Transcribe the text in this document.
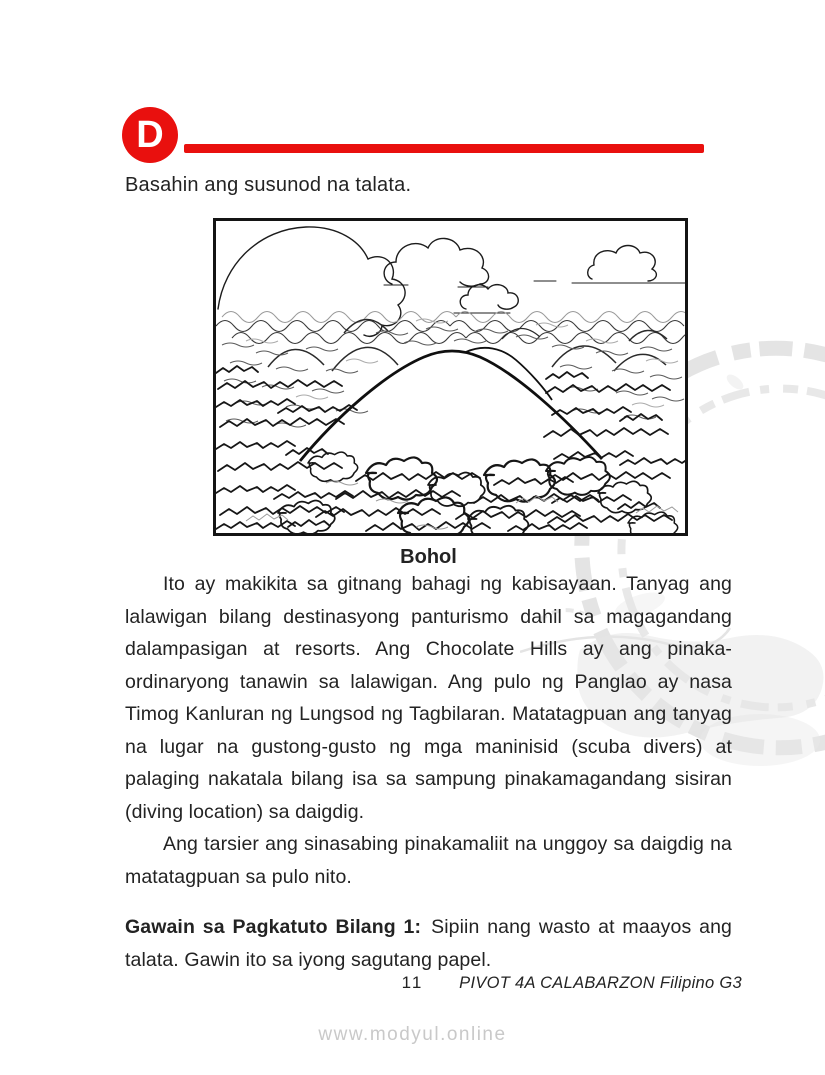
D

Basahin ang susunod na talata.

Bohol

Ito ay makikita sa gitnang bahagi ng kabisayaan. Tanyag ang lalawigan bilang destinasyong panturismo dahil sa magagandang dalampasigan at resorts. Ang Chocolate Hills ay ang pinaka-ordinaryong tanawin sa lalawigan. Ang pulo ng Panglao ay nasa Timog Kanluran ng Lungsod ng Tagbilaran. Matatagpuan ang tanyag na lugar na gustong-gusto ng mga maninisid (scuba divers) at palaging nakatala bilang isa sa sampung pinakamagandang sisiran (diving location) sa daigdig.

Ang tarsier ang sinasabing pinakamaliit na unggoy sa daigdig na matatagpuan sa pulo nito.

Gawain sa Pagkatuto Bilang 1: Sipiin nang wasto at maayos ang talata. Gawin ito sa iyong sagutang papel.

11 PIVOT 4A CALABARZON Filipino G3
www.modyul.online
